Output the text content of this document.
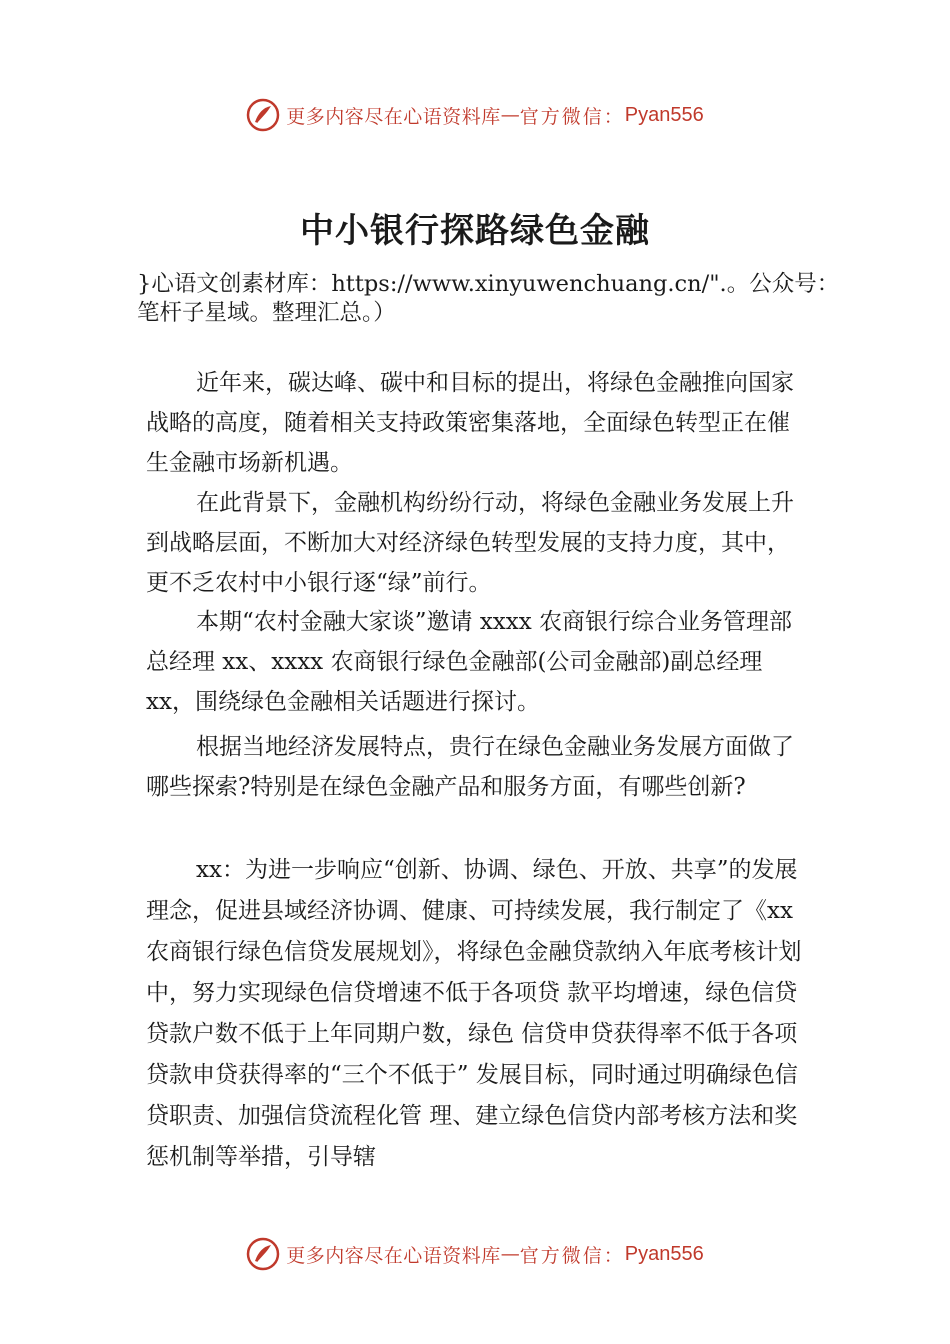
更多内容尽在心语资料库 — 官方微信： Pyan556
中小银行探路绿色金融
}心语文创素材库：https://www.xinyuwenchuang.cn/".。公众号：笔杆子星域。整理汇总。）

近年来，碳达峰、碳中和目标的提出，将绿色金融推向国家战略的高度，随着相关支持政策密集落地，全面绿色转型正在催生金融市场新机遇。

在此背景下，金融机构纷纷行动，将绿色金融业务发展上升到战略层面，不断加大对经济绿色转型发展的支持力度，其中，更不乏农村中小银行逐“绿”前行。

本期“农村金融大家谈”邀请 xxxx 农商银行综合业务管理部总经理 xx、xxxx 农商银行绿色金融部(公司金融部)副总经理 xx，围绕绿色金融相关话题进行探讨。

根据当地经济发展特点，贵行在绿色金融业务发展方面做了哪些探索?特别是在绿色金融产品和服务方面，有哪些创新?

xx：为进一步响应“创新、协调、绿色、开放、共享”的发展理念，促进县域经济协调、健康、可持续发展，我行制定了《xx 农商银行绿色信贷发展规划》，将绿色金融贷款纳入年底考核计划中，努力实现绿色信贷增速不低于各项贷 款平均增速，绿色信贷贷款户数不低于上年同期户数，绿色 信贷申贷获得率不低于各项贷款申贷获得率的“三个不低于” 发展目标，同时通过明确绿色信贷职责、加强信贷流程化管 理、建立绿色信贷内部考核方法和奖惩机制等举措，引导辖

更多内容尽在心语资料库 — 官方微信： Pyan556
